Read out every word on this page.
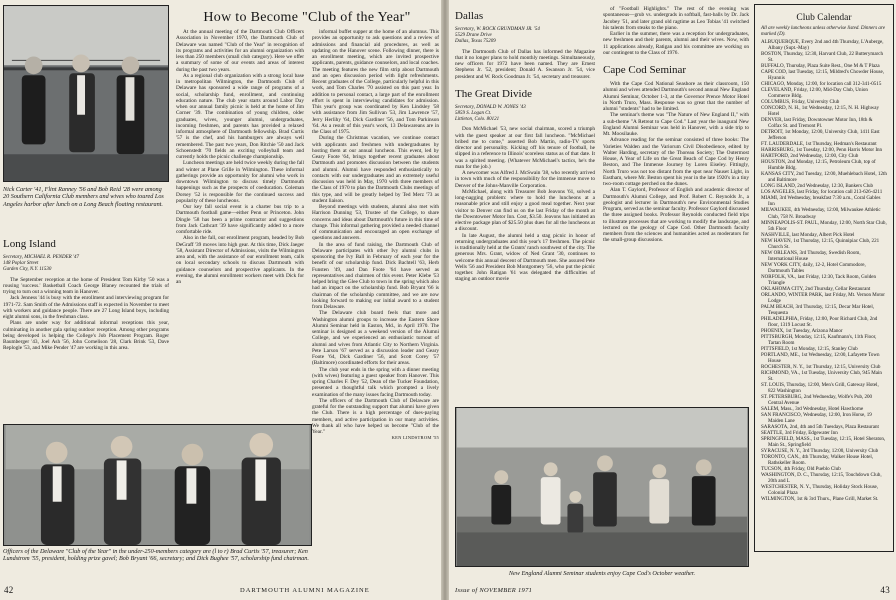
Nick Carter '41, Flint Ranney '56 and Bob Reid '28 were among 20 Southern California Club members and wives who toured Los Angeles harbor after lunch on a Long Beach floating restaurant.
Long Island
Secretary, MICHAEL R. PENDER '47
148 Poplar Street
Garden City, N.Y. 11530

The September reception at the home of President Tom Kirby '50 was a rousing 'success.' Basketball Coach George Blaney recounted the trials of trying to turn out a winning team in Hanover.

Jack Jenness '44 is busy with the enrollment and interviewing program for 1971-72. Sam Smith of the Admissions staff is expected in November to meet with workers and guidance people. There are 27 Long Island boys, including eight alumni sons, in the freshman class.

Plans are under way for additional informal receptions this year, culminating in another gala spring outdoor reception. Among other programs being developed is helping the College's Job Placement Program. Roger Baumberger '43, Joel Ash '56, John Cornelison '28, Clark Brink '53, Dave Replogle '53, and Mike Pender '47 are working in this area.

Officers of the Delaware "Club of the Year" in the under-250-members category are (l to r) Brad Curtis '57, treasurer; Ken Lundstrom '55, president, holding prize gavel; Bob Bryant '66, secretary; and Dick Bughee '57, scholarship fund chairman.
How to Become "Club of the Year"

At the annual meeting of the Dartmouth Club Officers Association in November 1970, the Dartmouth Club of Delaware was named "Club of the Year" in recognition of its programs and activities for an alumni organization with less than 250 members (small club category). Here we offer a summary of some of our events and areas of interest during the past two years.

As a regional club organization with a strong local base in metropolitan Wilmington, the Dartmouth Club of Delaware has sponsored a wide range of programs of a social, scholarship fund, enrollment, and continuing education nature. The club year starts around Labor Day when our annual family picnic is held at the home of Jim Corner '39. The combination of young children, older graduates, wives, younger alumni, undergraduates, incoming freshmen, and parents has provided a relaxed informal atmosphere of Dartmouth fellowship. Brad Curtis '57 is the chef, and his hamburgers are always well remembered. The past two years, Don Ritchie '50 and Jack Schoenstedt '70 fields an exciting volleyball team and currently holds the picnic challenge championship.

Luncheon meetings are held twice weekly during the fall and winter at Plane Grille in Wilmington. These informal gatherings provide an opportunity for alumni who work in downtown Wilmington to discuss timely Dartmouth happenings such as the prospects of coeducation. Coleman Dorsey '52 is responsible for the continued success and popularity of these luncheons.

Our key fall social event is a charter bus trip to a Dartmouth football game—either Penn or Princeton. John Dingle '58 has been a prime contractor and suggestions from Jack Cathcart '39 have significantly added to a more comfortable ride.

Also in the fall, our enrollment program, headed by Bob DeGraff '39 moves into high gear. At this time, Dick Jaeger '58, Assistant Director of Admissions, visits the Wilmington area and, with the assistance of our enrollment team, calls on local secondary schools to discuss Dartmouth with guidance counselors and prospective applicants. In the evening, the alumni enrollment workers meet with Dick for an

informal buffet supper at the home of an alumnus. This provides an opportunity to ask questions and a review of admissions and financial aid procedures, as well as updating on the Hanover scene. Following dinner, there is an enrollment meeting, which are invited prospective applicants, parents, guidance counselors, and local coaches. The meeting features the new film strip about Dartmouth and an open discussion period with light refreshments. Recent graduates of the College, particularly helpful in this work, and Tom Charles '70 assisted on this past year. In addition to personal contact, a large part of the enrollment effort is spent in interviewing candidates for admission. This year's group was coordinated by Ken Lindsley '58 with assistance from Jim Sullivan '53, Jim Lawrence '57, Jerry Herlihy '64, Dick Gardiner '56, and Tom Parkinson '64. As a result of this year's work, 13 Delawareans are in the Class of 1975.

During the Christmas vacation, we continue contact with applicants and freshmen with undergraduates by hosting them at our annual luncheon. This event, led by Geary Foote '64, brings together recent graduates about Dartmouth and promotes discussion between the students and alumni. Alumni have responded enthusiastically to contacts with our undergraduates and an extremely useful discussion was held in May, 1970 with three members of the Class of 1970 to plan the Dartmouth Clubs meetings of this type, and will be greatly helped by Ted Merz '73 as student liaison.

Beyond meetings with students, alumni also met with Harrison Dunning '53, Trustee of the College, to share concerns and ideas about Dartmouth's future in this time of change. This informal gathering provided a needed channel of communication and encouraged an open exchange of questions and answers.

In the area of fund raising, the Dartmouth Club of Delaware participates with other Ivy alumni clubs in sponsoring the Ivy Ball in February of each year for the benefit of our scholarship fund. Dick Bachtell '63, Herb Funsten '49, and Dan Foote '64 have served as representatives and chairmen of this event. Peter Klebe '53 helped bring the Glee Club to town in the spring which also had an impact on the scholarship fund. Bob Bryant '66 is chairman of the scholarship committee, and we are now looking forward to making our initial award to a student from Delaware.

The Delaware club board feels that more and Washington alumni groups to increase the Eastern Shore Alumni Seminar held in Easton, Md., in April 1970. The seminar is designed as a weekend version of the Alumni College, and we experienced an enthusiastic turnout of alumni and wives from Atlantic City to Northern Virginia. Pete Larson '67 served as a discussion leader and Geary Foote '64, Dick Gardiner '56, and Scott Corey '57 (Baltimore) coordinated efforts for their areas.

The club year ends in the spring with a dinner meeting (with wives) featuring a guest speaker from Hanover. This spring Charles F. Dey '52, Dean of the Tucker Foundation, presented a thoughtful talk which prompted a lively examination of the many issues facing Dartmouth today.

The officers of the Dartmouth Club of Delaware are grateful for the outstanding support that alumni have given the Club. There is a high percentage of dues-paying members, and active participation in our many activities. We thank all who have helped us become "Club of the Year."

KEN LINDSTROM '55
42	DARTMOUTH ALUMNI MAGAZINE
Dallas
Secretary, W. ROCK GRUNDMAN JR. '54
5529 Drane Drive
Dallas, Texas 75209

The Dartmouth Club of Dallas has informed the Magazine that it no longer plans to hold monthly meetings. Simultaneously, new officers for 1972 have been named. They are Ernest Stephens Jr. '52, president; Donald A. Swanson Jr. '54, vice president and W. Rock Goodman Jr. '54, secretary and treasurer.

The Great Divide
Secretary, DONALD W. JONES '43
5859 S. Logan Ct.
Littleton, Colo. 80121

Don McMichael '53, new social chairman, scored a triumph with the guest speaker at our first fall luncheon. "McMichael bribed me to come," asserted Bob Martin, radio-TV sports director and personality. Kicking off his tenure of football, he slipped in a reference to Illinois' scoreless status as of that date. It was a spirited meeting. (Whatever McMichael's tactics, he's the man for the job.)

A newcomer was Alfred J. McSwain '38, who recently arrived in town with much of the responsibility for the immense move to Denver of the Johns-Manville Corporation.

McMichael, along with Treasurer Bob Jeavons '61, solved a long-nagging problem: where to hold the luncheons at a reasonable price and still enjoy a good meal together. Next year visitor to Denver can find us on the last Friday of the month at the Downtowner Motor Inn. Cost, $3.50. Jeavons has initiated an elective package plan of $25.50 plus dues for all the luncheons at a discount.

In late August, the alumni held a stag picnic in honor of returning undergraduates and this year's 17 freshmen. The picnic is traditionally held at the Grants' ranch southwest of the city. The generous Mrs. Grant, widow of Ned Grant '30, continues to welcome this annual descent of Dartmouth men. She assured Pete Wells '56 and President Bob Montgomery '56, who put the picnic together. John Ratigan '61 was delegated the difficulties of staging an outdoor movie

of "Football Highlights." The rest of the evening was spontaneous—grub vs. undergrads in softball, fast-balls by Dr. Jack Jacobey '51, and later grand old ragtime as Leo Tobias '41 switched his talents from steaks to the piano.

Earlier in the summer, there was a reception for undergraduates, new freshmen and their parents, alumni and their wives. Now, with 11 applications already, Ratigan and his committee are working on our contingent to the Class of 1976.

Cape Cod Seminar

With the Cape Cod National Seashore as their classroom, 150 alumni and wives attended Dartmouth's second annual New England Alumni Seminar, October 1-3, at the Governor Prence Motor Hotel in North Truro, Mass. Response was so great that the number of alumni "students" had to be limited.

The seminar's theme was "The Nature of New England II," with a sub-theme "A Retreat to Cape Cod." Last year the inaugural New England Alumni Seminar was held in Hanover, with a side trip to Mt. Moosilauke.

Advance reading for the seminar consisted of three books: The Varieties Walden and the Variorum Civil Disobedience, edited by Walter Harding, secretary of the Thoreau Society; The Outermost House, A Year of Life on the Great Beach of Cape Cod by Henry Beston, and The Immense Journey by Loren Eiseley. Fittingly, North Truro was not too distant from the spot near Nauset Light, in Eastham, where Mr. Beston spent his year in the late 1920's in a tiny two-room cottage perched on the dunes.

Alan T. Gaylord, Professor of English and academic director of Dartmouth's Alumni College, and Prof. Robert C. Reynolds Jr., a geologist and lecturer in Dartmouth's new Environmental Studies Program, served as the seminar faculty. Professor Gaylord discussed the three assigned books. Professor Reynolds conducted field trips to illustrate processes that are working to modify the landscape, and lectured on the geology of Cape Cod. Other Dartmouth faculty members from the sciences and humanities acted as moderators for the small-group discussions.

New England Alumni Seminar students enjoy Cape Cod's October weather.
Club Calendar
All are weekly luncheons unless otherwise listed. Dinners are marked (D).
ALBUQUERQUE, Every 2nd and 4th Thursday, L'Auberge, Albany (Supt.-May)
BOSTON, Thursday, 12:30, Harvard Club, 22 Butterymarch St.
BUFFALO, Thursday, Plaza Suite Rest., One M & T Plaza
CAPE COD, last Tuesday, 12:15, Mildred's Chowder House, Hyannis
CHICAGO, Monday, 12:00, for location call 312-341-0515
CLEVELAND, Friday, 12:00, Mid-Day Club, Union Commerce Bldg.
COLUMBUS, Friday, University Club
CONCORD, N. H., 1st Wednesday, 12:15, N. H. Highway Hotel
DENVER, last Friday, Downtowner Motor Inn, 18th & Colfax St. and Tremont Pl.
DETROIT, 1st Monday, 12:00, University Club, 1411 East Jefferson
FT. LAUDERDALE, 1st Thursday, Hedman's Restaurant
HARRISBURG, 1st Tuesday, 12:00, Penn Harris Motor Inn
HARTFORD, 2nd Wednesday, 12:00, City Club
HOUSTON, 2nd Monday, 12:15, Petroleum Club, top of Humble Bldg.
KANSAS CITY, 2nd Tuesday, 12:00, Muehlebach Hotel, 12th and Baltimore
LONG ISLAND, 2nd Wednesday, 12:30, Bankers Club
LOS ANGELES, last Friday, for location call 213-626-4211
MIAMI, 3rd Wednesday, breakfast 7:30 a.m., Coral Gables Inn
MILWAUKEE, 4th Wednesday, 12:00, Milwaukee Athletic Club, 758 N. Broadway
MINNEAPOLIS-ST. PAUL, Monday, 12:00, North Star Club, 5th Floor
NASHVILLE, last Monday, Albert Pick Hotel
NEW HAVEN, 1st Thursday, 12:15, Quinnipiac Club, 221 Church St.
NEW ORLEANS, 3rd Thursday, Swedish Room, International House
NEW YORK CITY, daily, 12-2, Hotel Commodore, Dartmouth Tables
NORFOLK, VA., last Friday, 12:30, Tack Room, Golden Triangle
OKLAHOMA CITY, 2nd Thursday, Cellar Restaurant
ORLANDO, WINTER PARK, last Friday, Mt. Vernon Motor Lodge
PALM BEACH, 3rd Thursday, 12:15, Decar Mar Hotel, Tesquesta
PHILADELPHIA, Friday, 12:00, Poor Richard Club, 2nd floor, 1319 Locust St.
PHOENIX, 1st Tuesday, Arizona Manor
PITTSBURGH, Monday, 12:15, Kaufmann's, 11th Floor, Tartan Room
PITTSFIELD, 1st Monday, 12:15, Stanley Club
PORTLAND, ME., 1st Wednesday, 12:00, Lafayette Town House
ROCHESTER, N. Y., 1st Thursday, 12:15, University Club
RICHMOND, VA., 1st Tuesday, University Club, 945 Main St.
ST. LOUIS, Thursday, 12:00, Men's Grill, Gateway Hotel, 822 Washington
ST. PETERSBURG, 2nd Wednesday, Wolfe's Pub, 200 Central Avenue
SALEM, Mass., 3rd Wednesday, Hotel Hawthorne
SAN FRANCISCO, Wednesday, 12:00, Iron Horse, 19 Maiden Lane
SARASOTA, 2nd, 4th and 5th Tuesdays, Plaza Restaurant
SEATTLE, 3rd Friday, Edgewater Inn
SPRINGFIELD, MASS., 1st Tuesday, 12:15, Hotel Sheraton, Main St., Springfield
SYRACUSE, N. Y., 3rd Thursday, 12:00, University Club
TORONTO, CAN., 4th Thursday, Walker House Hotel, Rathskeller Room.
TUCSON, 4th Friday, Old Pueblo Club
WASHINGTON, D. C., Thursday, 12:15, Touchdown Club, 20th and L
WESTCHESTER, N. Y., Thursday, Holiday Stock House, Colonial Plaza
WILMINGTON, 1st & 3rd Thurs., Plane Grill, Market St.
Issue of NOVEMBER 1971	43
